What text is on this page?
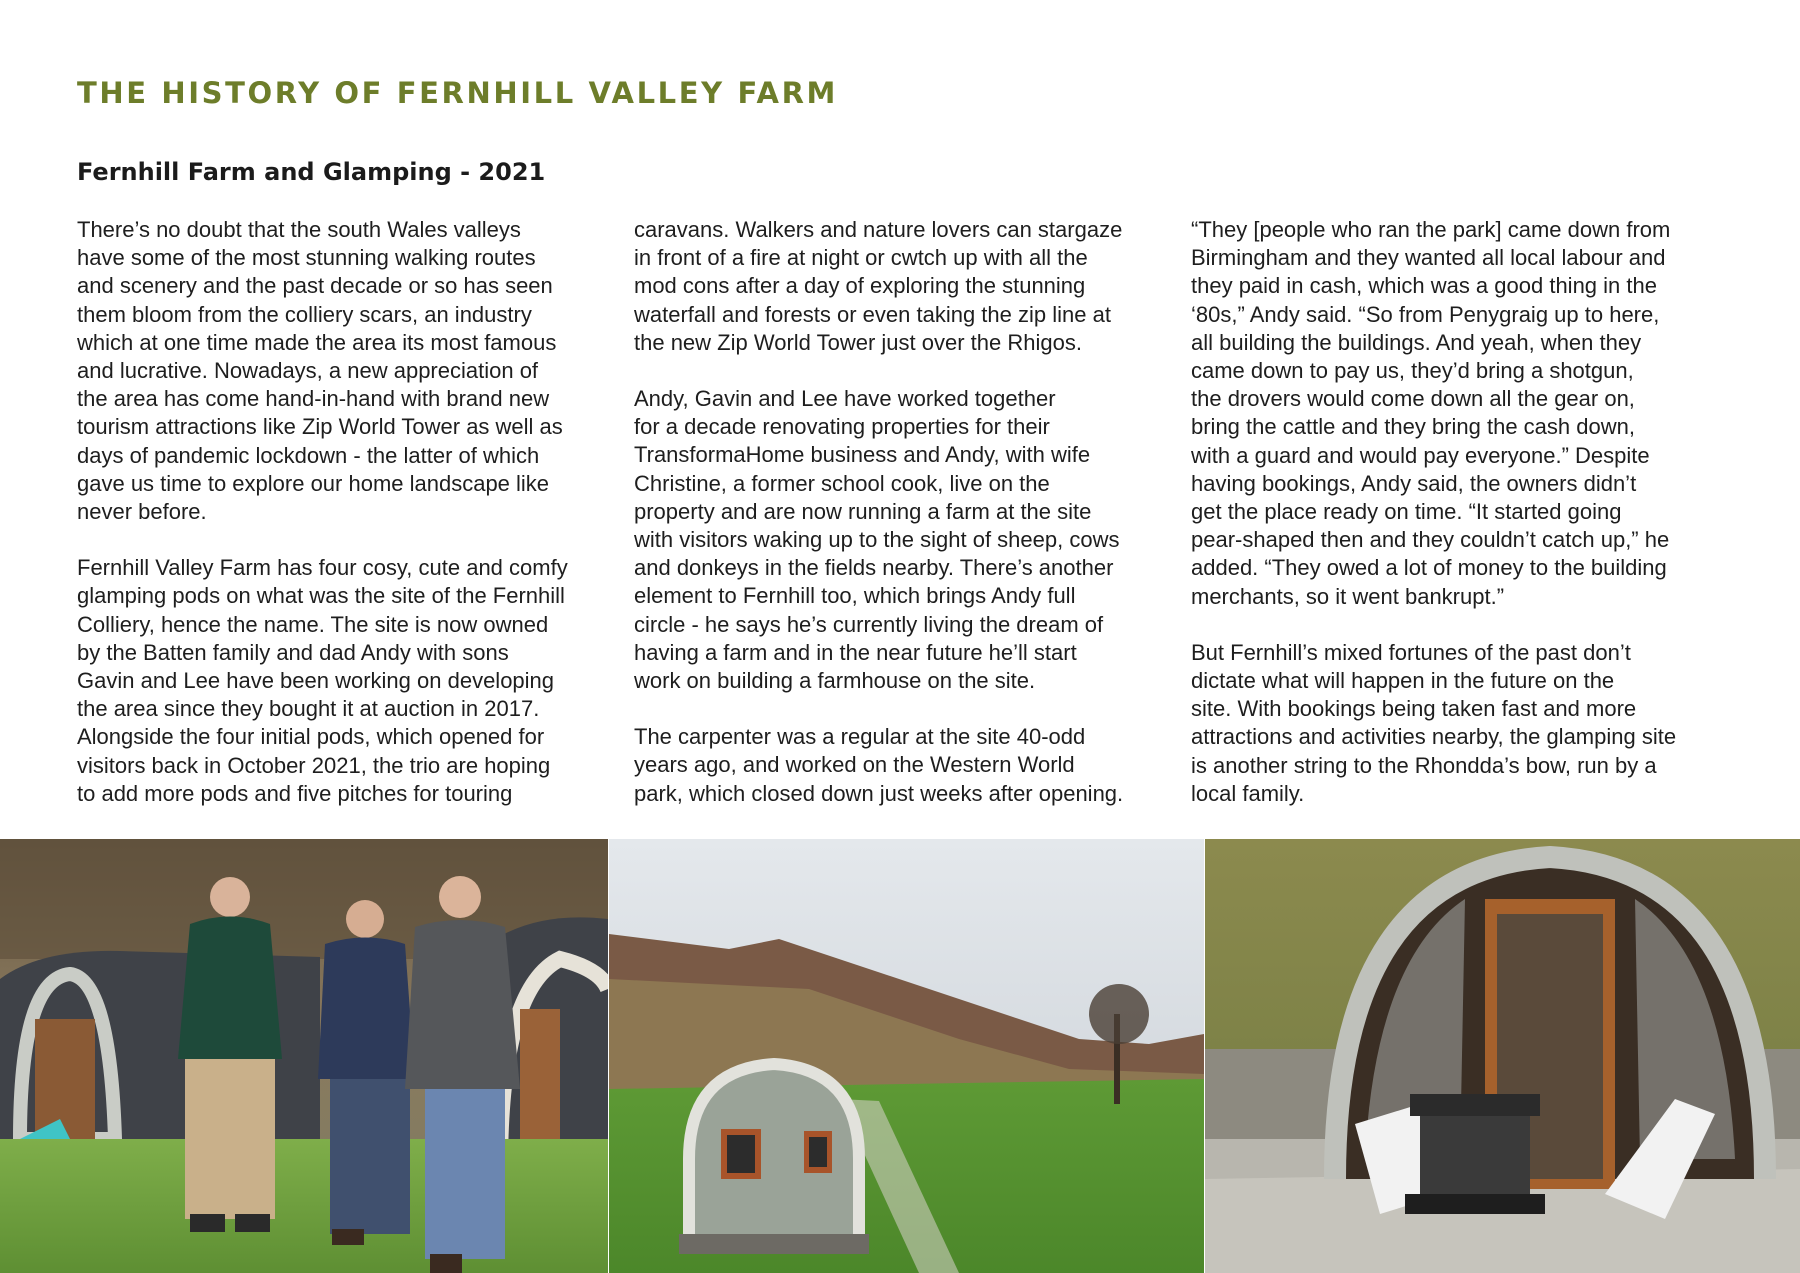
THE HISTORY OF FERNHILL VALLEY FARM
Fernhill Farm and Glamping - 2021

There’s no doubt that the south Wales valleys
have some of the most stunning walking routes
and scenery and the past decade or so has seen
them bloom from the colliery scars, an industry
which at one time made the area its most famous
and lucrative. Nowadays, a new appreciation of
the area has come hand-in-hand with brand new
tourism attractions like Zip World Tower as well as
days of pandemic lockdown - the latter of which
gave us time to explore our home landscape like
never before.

Fernhill Valley Farm has four cosy, cute and comfy
glamping pods on what was the site of the Fernhill
Colliery, hence the name. The site is now owned
by the Batten family and dad Andy with sons
Gavin and Lee have been working on developing
the area since they bought it at auction in 2017.
Alongside the four initial pods, which opened for
visitors back in October 2021, the trio are hoping
to add more pods and five pitches for touring

caravans. Walkers and nature lovers can stargaze
in front of a fire at night or cwtch up with all the
mod cons after a day of exploring the stunning
waterfall and forests or even taking the zip line at
the new Zip World Tower just over the Rhigos.

Andy, Gavin and Lee have worked together
for a decade renovating properties for their
TransformaHome business and Andy, with wife
Christine, a former school cook, live on the
property and are now running a farm at the site
with visitors waking up to the sight of sheep, cows
and donkeys in the fields nearby. There’s another
element to Fernhill too, which brings Andy full
circle - he says he’s currently living the dream of
having a farm and in the near future he’ll start
work on building a farmhouse on the site.

The carpenter was a regular at the site 40-odd
years ago, and worked on the Western World
park, which closed down just weeks after opening.

“They [people who ran the park] came down from
Birmingham and they wanted all local labour and
they paid in cash, which was a good thing in the
‘80s,” Andy said. “So from Penygraig up to here,
all building the buildings. And yeah, when they
came down to pay us, they’d bring a shotgun,
the drovers would come down all the gear on,
bring the cattle and they bring the cash down,
with a guard and would pay everyone.” Despite
having bookings, Andy said, the owners didn’t
get the place ready on time. “It started going
pear-shaped then and they couldn’t catch up,” he
added. “They owed a lot of money to the building
merchants, so it went bankrupt.”

But Fernhill’s mixed fortunes of the past don’t
dictate what will happen in the future on the
site. With bookings being taken fast and more
attractions and activities nearby, the glamping site
is another string to the Rhondda’s bow, run by a
local family.
